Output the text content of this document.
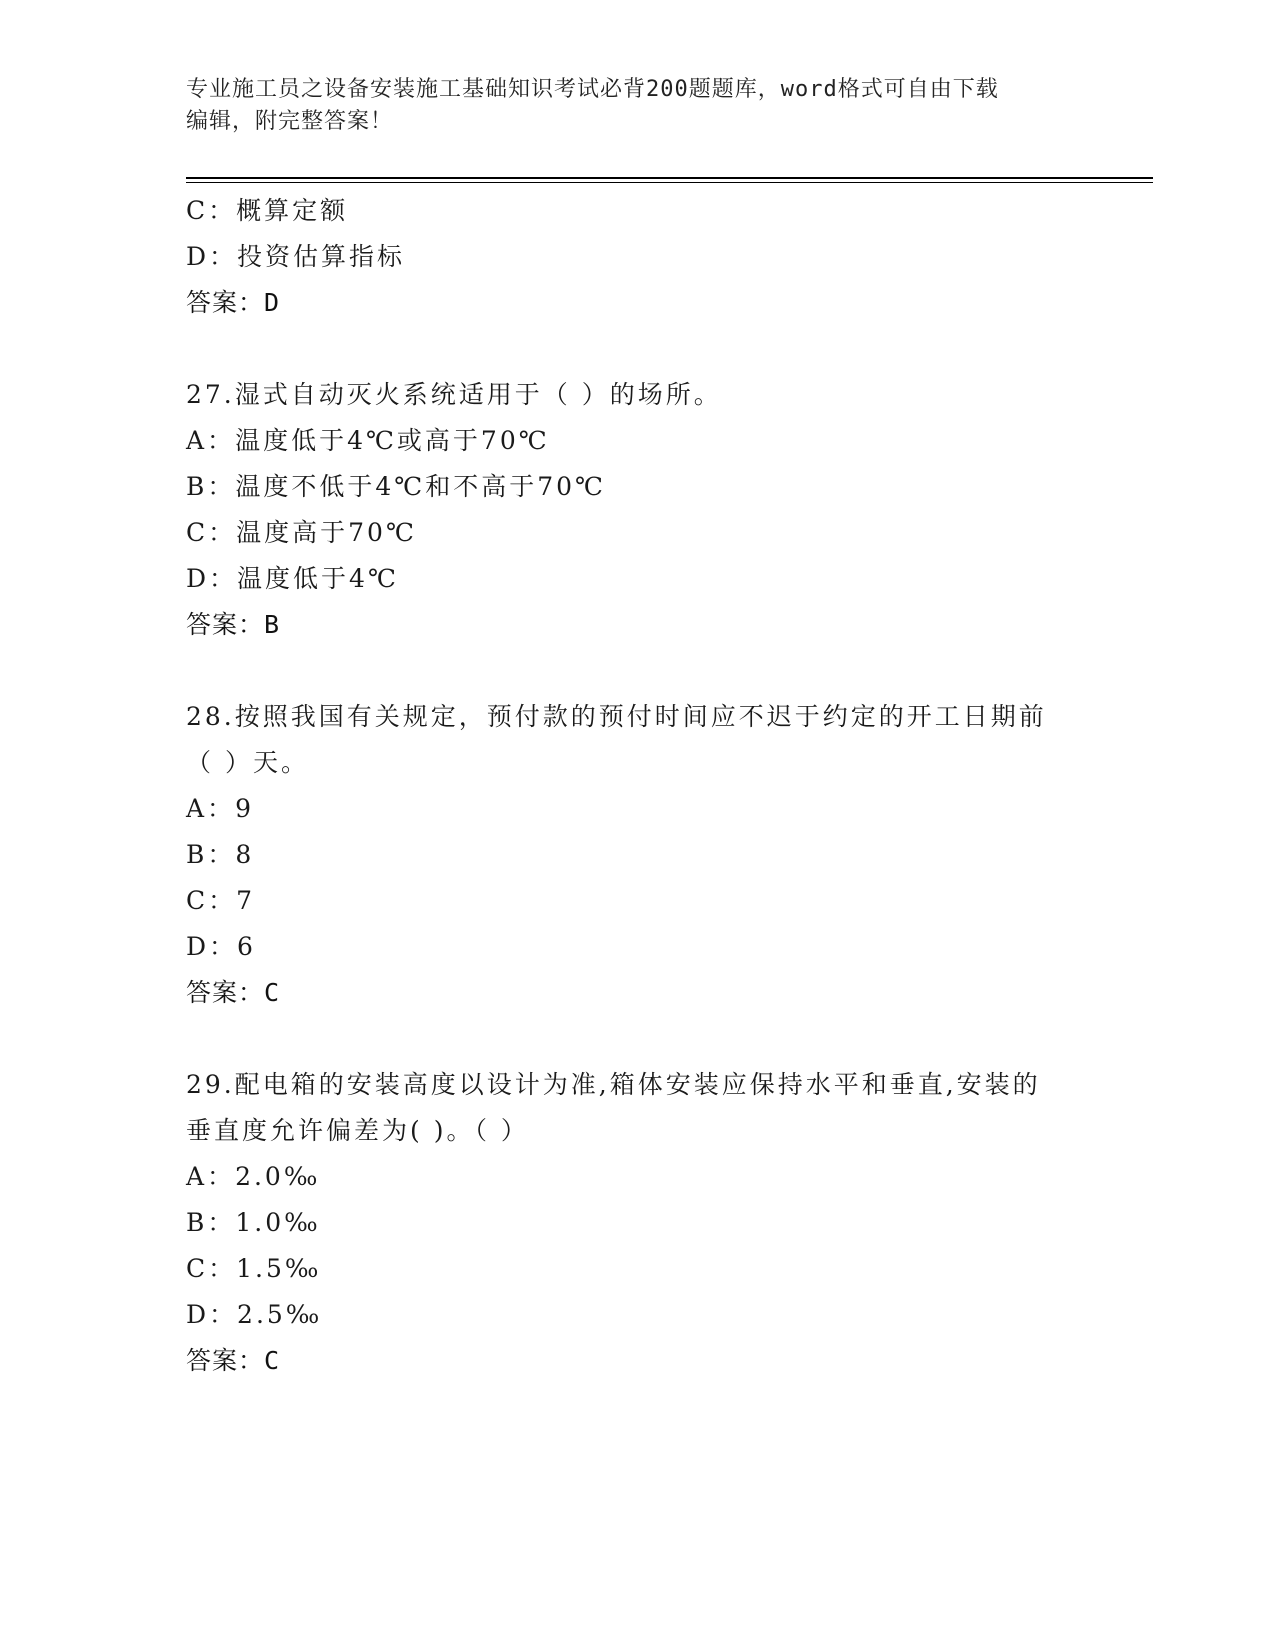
专业施工员之设备安装施工基础知识考试必背200题题库，word格式可自由下载
编辑，附完整答案！
C：概算定额
D：投资估算指标
答案：D
27.湿式自动灭火系统适用于（ ）的场所。
A：温度低于4℃或高于70℃
B：温度不低于4℃和不高于70℃
C：温度高于70℃
D：温度低于4℃
答案：B
28.按照我国有关规定，预付款的预付时间应不迟于约定的开工日期前
（ ）天。
A：9
B：8
C：7
D：6
答案：C
29.配电箱的安装高度以设计为准,箱体安装应保持水平和垂直,安装的
垂直度允许偏差为( )。（ ）
A：2.0‰
B：1.0‰
C：1.5‰
D：2.5‰
答案：C
